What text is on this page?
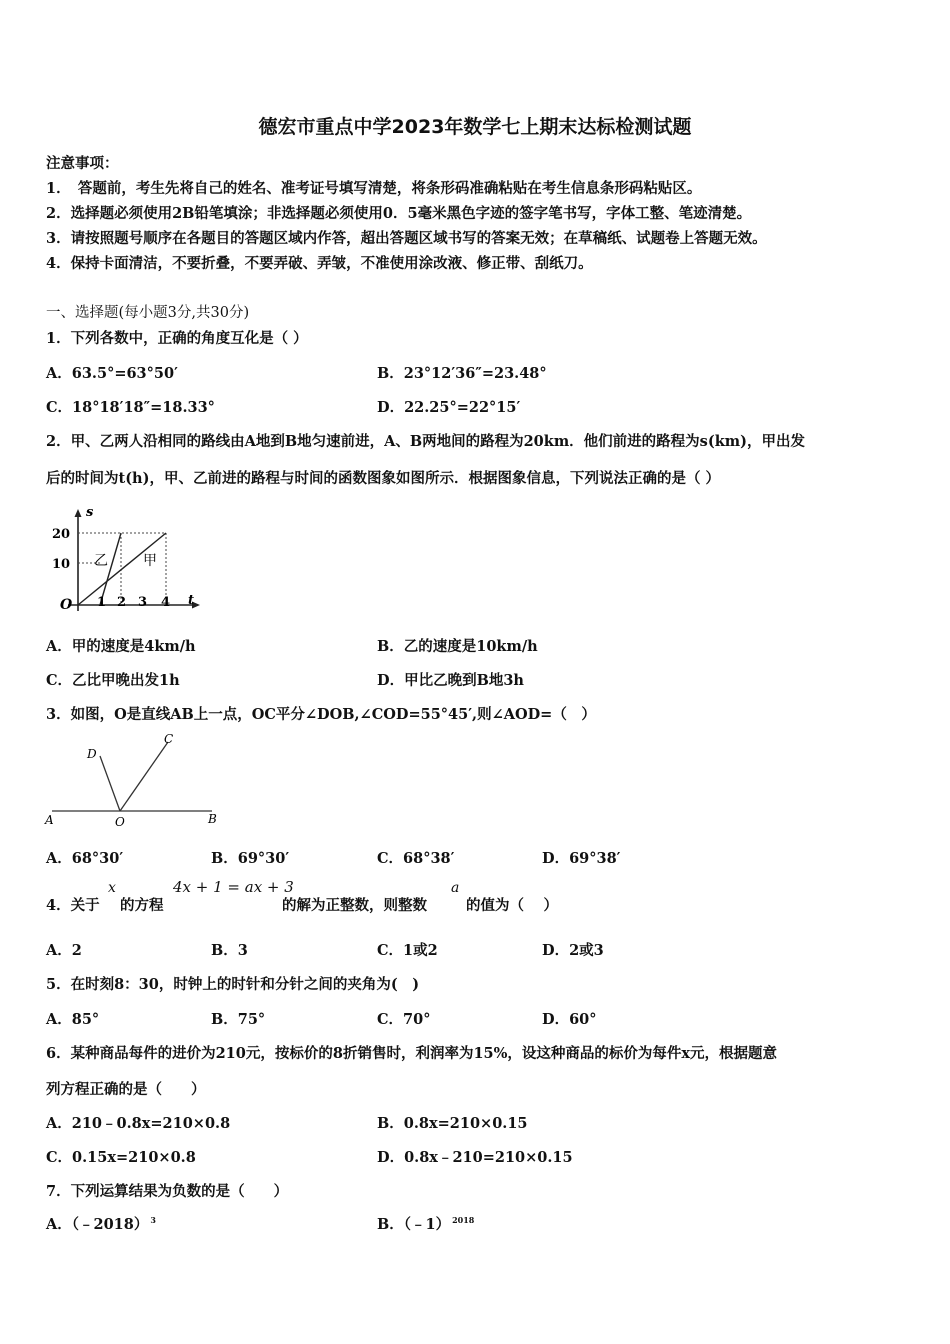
德宏市重点中学2023年数学七上期末达标检测试题
注意事项：
1．　答题前，考生先将自己的姓名、准考证号填写清楚，将条形码准确粘贴在考生信息条形码粘贴区。
2．选择题必须使用2B铅笔填涂；非选择题必须使用0．5毫米黑色字迹的签字笔书写，字体工整、笔迹清楚。
3．请按照题号顺序在各题目的答题区域内作答，超出答题区域书写的答案无效；在草稿纸、试题卷上答题无效。
4．保持卡面清洁，不要折叠，不要弄破、弄皱，不准使用涂改液、修正带、刮纸刀。
一、选择题(每小题3分,共30分)
1．下列各数中，正确的角度互化是（ ）
A．63.5°=63°50′	B．23°12′36″=23.48°
C．18°18′18″=18.33°	D．22.25°=22°15′
2．甲、乙两人沿相同的路线由A地到B地匀速前进，A、B两地间的路程为20km．他们前进的路程为s(km)，甲出发
后的时间为t(h)，甲、乙前进的路程与时间的函数图象如图所示．根据图象信息，下列说法正确的是（ ）
s
t
O
20
10
1 2 3 4
乙	甲
A．甲的速度是4km/h	B．乙的速度是10km/h
C．乙比甲晚出发1h	D．甲比乙晚到B地3h
3．如图，O是直线AB上一点，OC平分∠DOB,∠COD=55°45′,则∠AOD=（　）
A	O	B
C
D
A．68°30′	B．69°30′	C．68°38′	D．69°38′
4．关于
x
的方程
4x + 1 = ax + 3
的解为正整数，则整数
a
的值为（　 ）
A．2	B．3	C．1或2	D．2或3
5．在时刻8：30，时钟上的时针和分针之间的夹角为(　)
A．85°	B．75°	C．70°	D．60°
6．某种商品每件的进价为210元，按标价的8折销售时，利润率为15%，设这种商品的标价为每件x元，根据题意
列方程正确的是（　　）
A．210﹣0.8x=210×0.8	B．0.8x=210×0.15
C．0.15x=210×0.8	D．0.8x﹣210=210×0.15
7．下列运算结果为负数的是（　　）
A．（﹣2018） $^3$	B．（﹣1） $^{2018}$
